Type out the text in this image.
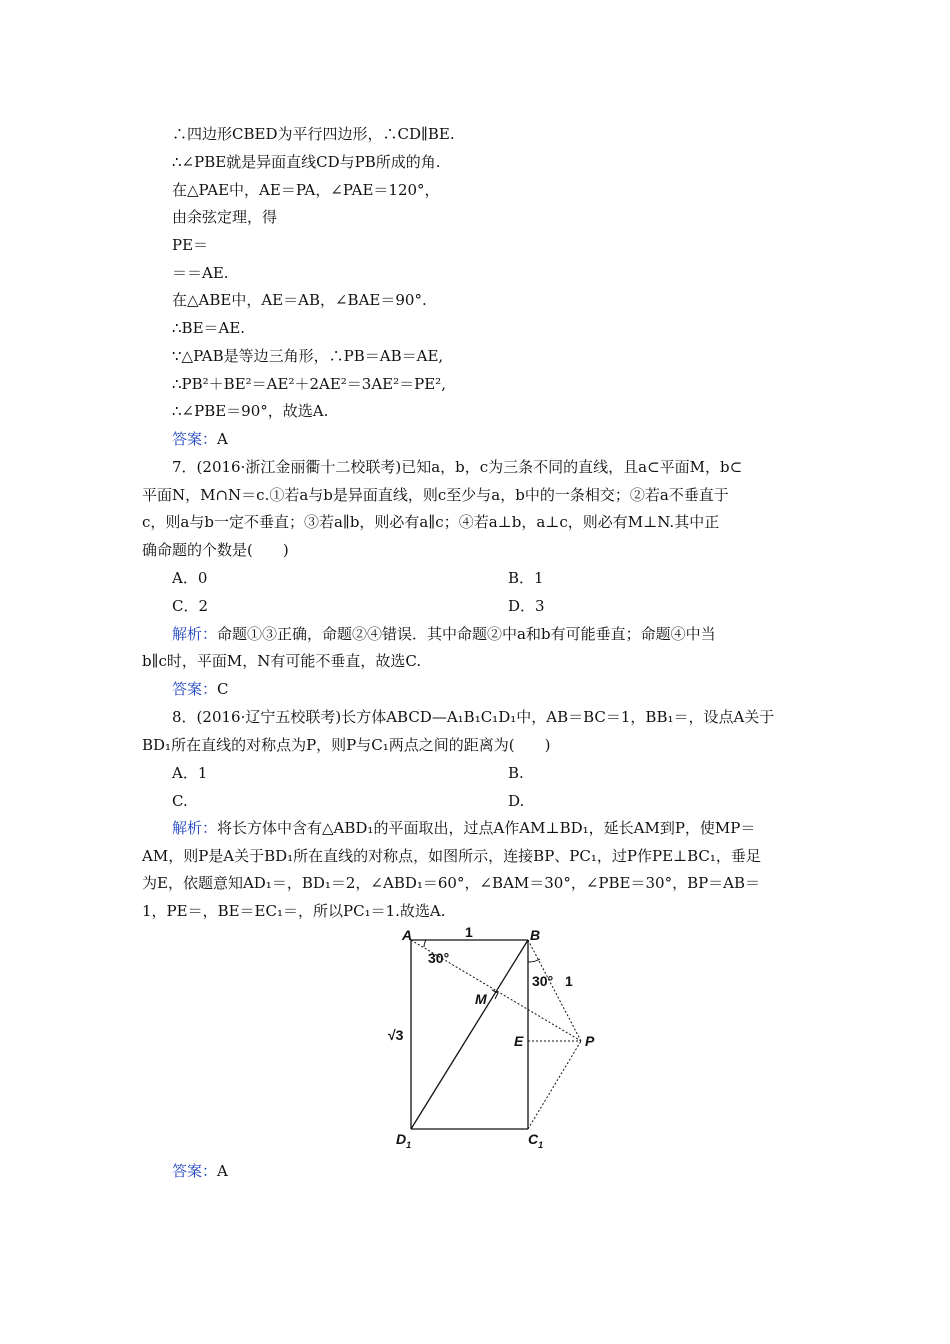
∴四边形CBED为平行四边形，∴CD∥BE.
∴∠PBE就是异面直线CD与PB所成的角.
在△PAE中，AE＝PA，∠PAE＝120°，
由余弦定理，得
PE＝
＝＝AE.
在△ABE中，AE＝AB，∠BAE＝90°.
∴BE＝AE.
∵△PAB是等边三角形，∴PB＝AB＝AE,
∴PB²＋BE²＝AE²＋2AE²＝3AE²＝PE²,
∴∠PBE＝90°，故选A.
答案：A
7．(2016·浙江金丽衢十二校联考)已知a，b，c为三条不同的直线，且a⊂平面M，b⊂
平面N，M∩N＝c.①若a与b是异面直线，则c至少与a，b中的一条相交；②若a不垂直于
c，则a与b一定不垂直；③若a∥b，则必有a∥c；④若a⊥b，a⊥c，则必有M⊥N.其中正
确命题的个数是(　　)
A．0	B．1
C．2	D．3
解析：命题①③正确，命题②④错误．其中命题②中a和b有可能垂直；命题④中当
b∥c时，平面M，N有可能不垂直，故选C.
答案：C
8．(2016·辽宁五校联考)长方体ABCD—A₁B₁C₁D₁中，AB＝BC＝1，BB₁＝，设点A关于
BD₁所在直线的对称点为P，则P与C₁两点之间的距离为(　　)
A．1	B.
C.	D.
解析：将长方体中含有△ABD₁的平面取出，过点A作AM⊥BD₁，延长AM到P，使MP＝
AM，则P是A关于BD₁所在直线的对称点，如图所示，连接BP、PC₁，过P作PE⊥BC₁，垂足
为E，依题意知AD₁＝，BD₁＝2，∠ABD₁＝60°，∠BAM＝30°，∠PBE＝30°，BP＝AB＝
1，PE＝，BE＝EC₁＝，所以PC₁＝1.故选A.
A	B
M
E	P
$D_1$	$C_1$
1
1
√3
30°
30°
答案：A
